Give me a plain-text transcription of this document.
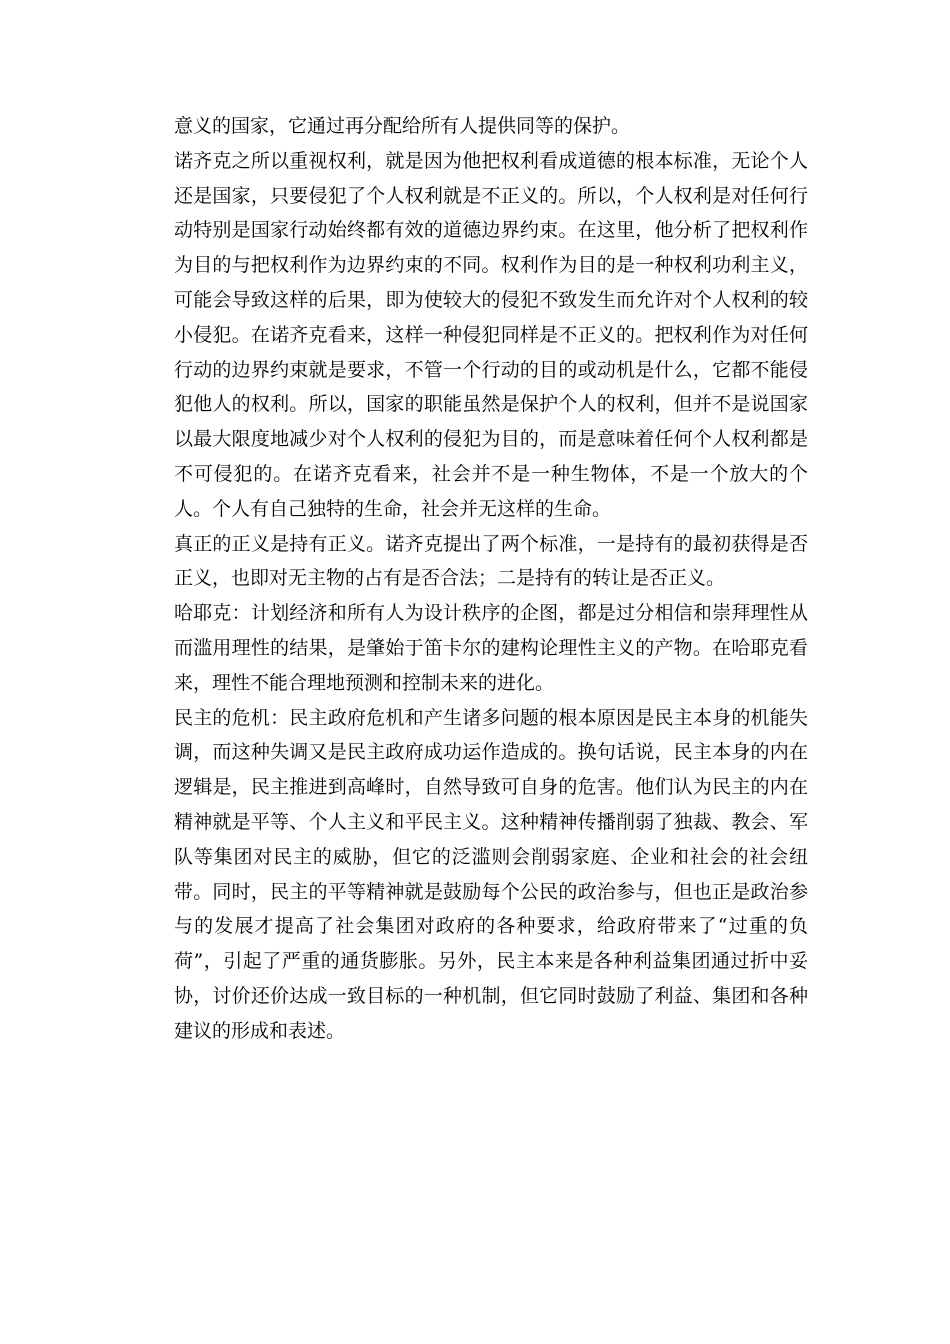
意义的国家，它通过再分配给所有人提供同等的保护。

诺齐克之所以重视权利，就是因为他把权利看成道德的根本标准，无论个人还是国家，只要侵犯了个人权利就是不正义的。所以，个人权利是对任何行动特别是国家行动始终都有效的道德边界约束。在这里，他分析了把权利作为目的与把权利作为边界约束的不同。权利作为目的是一种权利功利主义，可能会导致这样的后果，即为使较大的侵犯不致发生而允许对个人权利的较小侵犯。在诺齐克看来，这样一种侵犯同样是不正义的。把权利作为对任何行动的边界约束就是要求，不管一个行动的目的或动机是什么，它都不能侵犯他人的权利。所以，国家的职能虽然是保护个人的权利，但并不是说国家以最大限度地减少对个人权利的侵犯为目的，而是意味着任何个人权利都是不可侵犯的。在诺齐克看来，社会并不是一种生物体，不是一个放大的个人。个人有自己独特的生命，社会并无这样的生命。

真正的正义是持有正义。诺齐克提出了两个标准，一是持有的最初获得是否正义，也即对无主物的占有是否合法；二是持有的转让是否正义。

哈耶克：计划经济和所有人为设计秩序的企图，都是过分相信和崇拜理性从而滥用理性的结果，是肇始于笛卡尔的建构论理性主义的产物。在哈耶克看来，理性不能合理地预测和控制未来的进化。

民主的危机：民主政府危机和产生诸多问题的根本原因是民主本身的机能失调，而这种失调又是民主政府成功运作造成的。换句话说，民主本身的内在逻辑是，民主推进到高峰时，自然导致可自身的危害。他们认为民主的内在精神就是平等、个人主义和平民主义。这种精神传播削弱了独裁、教会、军队等集团对民主的威胁，但它的泛滥则会削弱家庭、企业和社会的社会纽带。同时，民主的平等精神就是鼓励每个公民的政治参与，但也正是政治参与的发展才提高了社会集团对政府的各种要求，给政府带来了“过重的负荷”，引起了严重的通货膨胀。另外，民主本来是各种利益集团通过折中妥协，讨价还价达成一致目标的一种机制，但它同时鼓励了利益、集团和各种建议的形成和表述。
